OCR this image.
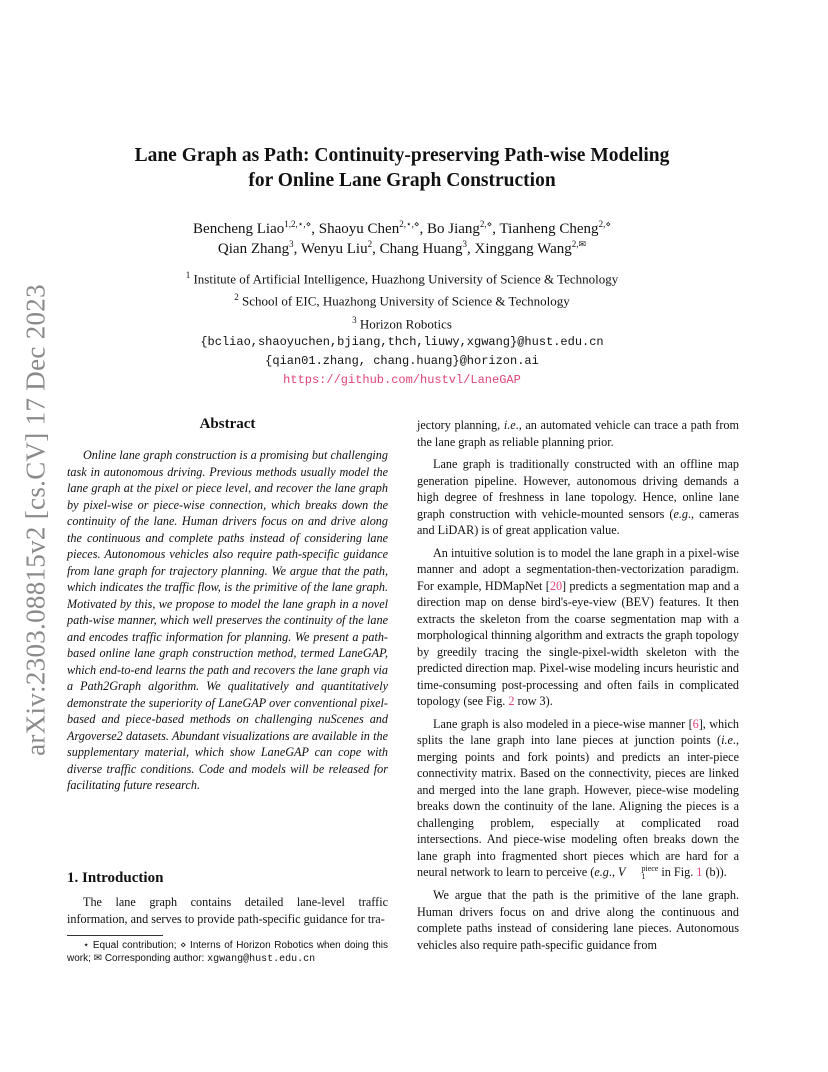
arXiv:2303.08815v2 [cs.CV] 17 Dec 2023
Lane Graph as Path: Continuity-preserving Path-wise Modeling
for Online Lane Graph Construction
Bencheng Liao$^{1,2,⋆,⋄}$, Shaoyu Chen$^{2,⋆,⋄}$, Bo Jiang$^{2,⋄}$, Tianheng Cheng$^{2,⋄}$
Qian Zhang$^3$, Wenyu Liu$^2$, Chang Huang$^3$, Xinggang Wang$^{2,✉}$
$^1$ Institute of Artificial Intelligence, Huazhong University of Science & Technology
$^2$ School of EIC, Huazhong University of Science & Technology
$^3$ Horizon Robotics
{bcliao,shaoyuchen,bjiang,thch,liuwy,xgwang}@hust.edu.cn
{qian01.zhang, chang.huang}@horizon.ai
https://github.com/hustvl/LaneGAP
Abstract
Online lane graph construction is a promising but challenging task in autonomous driving. Previous methods usually model the lane graph at the pixel or piece level, and recover the lane graph by pixel-wise or piece-wise connection, which breaks down the continuity of the lane. Human drivers focus on and drive along the continuous and complete paths instead of considering lane pieces. Autonomous vehicles also require path-specific guidance from lane graph for trajectory planning. We argue that the path, which indicates the traffic flow, is the primitive of the lane graph. Motivated by this, we propose to model the lane graph in a novel path-wise manner, which well preserves the continuity of the lane and encodes traffic information for planning. We present a path-based online lane graph construction method, termed LaneGAP, which end-to-end learns the path and recovers the lane graph via a Path2Graph algorithm. We qualitatively and quantitatively demonstrate the superiority of LaneGAP over conventional pixel-based and piece-based methods on challenging nuScenes and Argoverse2 datasets. Abundant visualizations are available in the supplementary material, which show LaneGAP can cope with diverse traffic conditions. Code and models will be released for facilitating future research.
1. Introduction
The lane graph contains detailed lane-level traffic information, and serves to provide path-specific guidance for tra-
⋆ Equal contribution; ⋄ Interns of Horizon Robotics when doing this work; ✉ Corresponding author: xgwang@hust.edu.cn

jectory planning, i.e., an automated vehicle can trace a path from the lane graph as reliable planning prior.

Lane graph is traditionally constructed with an offline map generation pipeline. However, autonomous driving demands a high degree of freshness in lane topology. Hence, online lane graph construction with vehicle-mounted sensors (e.g., cameras and LiDAR) is of great application value.

An intuitive solution is to model the lane graph in a pixel-wise manner and adopt a segmentation-then-vectorization paradigm. For example, HDMapNet [20] predicts a segmentation map and a direction map on dense bird's-eye-view (BEV) features. It then extracts the skeleton from the coarse segmentation map with a morphological thinning algorithm and extracts the graph topology by greedily tracing the single-pixel-width skeleton with the predicted direction map. Pixel-wise modeling incurs heuristic and time-consuming post-processing and often fails in complicated topology (see Fig. 2 row 3).

Lane graph is also modeled in a piece-wise manner [6], which splits the lane graph into lane pieces at junction points (i.e., merging points and fork points) and predicts an inter-piece connectivity matrix. Based on the connectivity, pieces are linked and merged into the lane graph. However, piece-wise modeling breaks down the continuity of the lane. Aligning the pieces is a challenging problem, especially at complicated road intersections. And piece-wise modeling often breaks down the lane graph into fragmented short pieces which are hard for a neural network to learn to perceive (e.g., V	piece
1	in Fig. 1 (b)).

We argue that the path is the primitive of the lane graph. Human drivers focus on and drive along the continuous and complete paths instead of considering lane pieces. Autonomous vehicles also require path-specific guidance from
